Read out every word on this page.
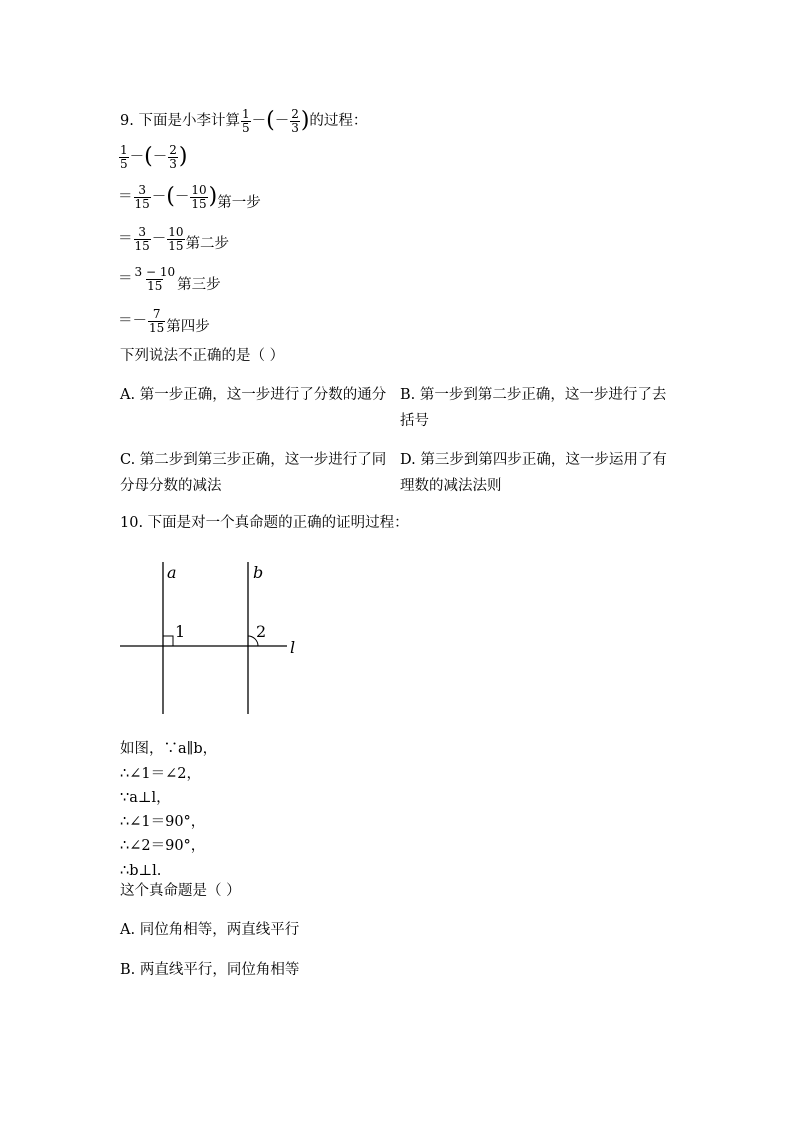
9. 下面是小李计算 $\frac{1}{5}$ － ( － $\frac{2}{3}$ ) 的过程：
$\frac{1}{5}$ － ( － $\frac{2}{3}$ )
＝ $\frac{3}{15}$ － ( － $\frac{10}{15}$ ) 第一步
＝ $\frac{3}{15} - \frac{10}{15}$ 第二步
＝ $\frac{3 - 10}{15}$ 第三步
＝ － $\frac{7}{15}$ 第四步
下列说法不正确的是（ ）
A. 第一步正确，这一步进行了分数的通分 B. 第一步到第二步正确，这一步进行了去括号
C. 第二步到第三步正确，这一步进行了同分母分数的减法
D. 第三步到第四步正确，这一步运用了有理数的减法法则
10. 下面是对一个真命题的正确的证明过程：
a	b
l
1	2
如图，∵a∥b，
∴∠1＝∠2，
∵a⊥l，
∴∠1＝90°，
∴∠2＝90°，
∴b⊥l.
这个真命题是（ ）
A. 同位角相等，两直线平行
B. 两直线平行，同位角相等
